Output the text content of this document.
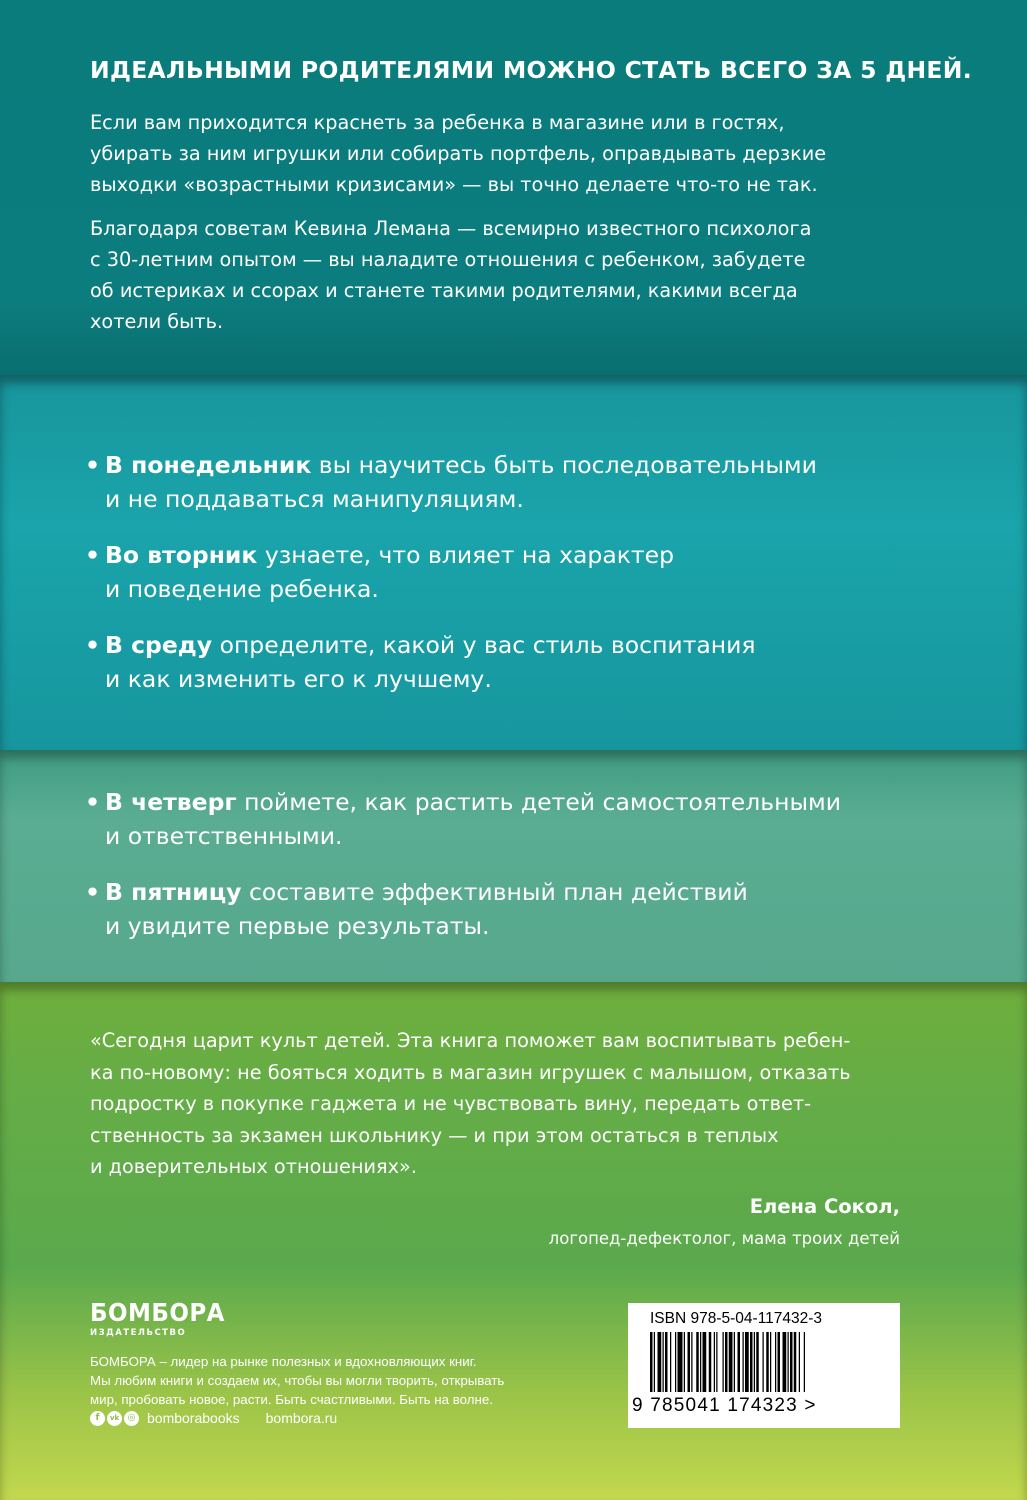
ИДЕАЛЬНЫМИ РОДИТЕЛЯМИ МОЖНО СТАТЬ ВСЕГО ЗА 5 ДНЕЙ.

Если вам приходится краснеть за ребенка в магазине или в гостях,
убирать за ним игрушки или собирать портфель, оправдывать дерзкие
выходки «возрастными кризисами» — вы точно делаете что-то не так.

Благодаря советам Кевина Лемана — всемирно известного психолога
с 30-летним опытом — вы наладите отношения с ребенком, забудете
об истериках и ссорах и станете такими родителями, какими всегда
хотели быть.

• В понедельник вы научитесь быть последовательными
и не поддаваться манипуляциям.
• Во вторник узнаете, что влияет на характер
и поведение ребенка.
• В среду определите, какой у вас стиль воспитания
и как изменить его к лучшему.
• В четверг поймете, как растить детей самостоятельными
и ответственными.
• В пятницу составите эффективный план действий
и увидите первые результаты.

«Сегодня царит культ детей. Эта книга поможет вам воспитывать ребен-
ка по-новому: не бояться ходить в магазин игрушек с малышом, отказать
подростку в покупке гаджета и не чувствовать вину, передать ответ-
ственность за экзамен школьнику — и при этом остаться в теплых
и доверительных отношениях».

Елена Сокол,
логопед-дефектолог, мама троих детей
БОМБОРА
ИЗДАТЕЛЬСТВО
БОМБОРА – лидер на рынке полезных и вдохновляющих книг.
Мы любим книги и создаем их, чтобы вы могли творить, открывать
мир, пробовать новое, расти. Быть счастливыми. Быть на волне.
f	vk ◎ bomborabooks bombora.ru
ISBN 978-5-04-117432-3
9 785041 174323 >
